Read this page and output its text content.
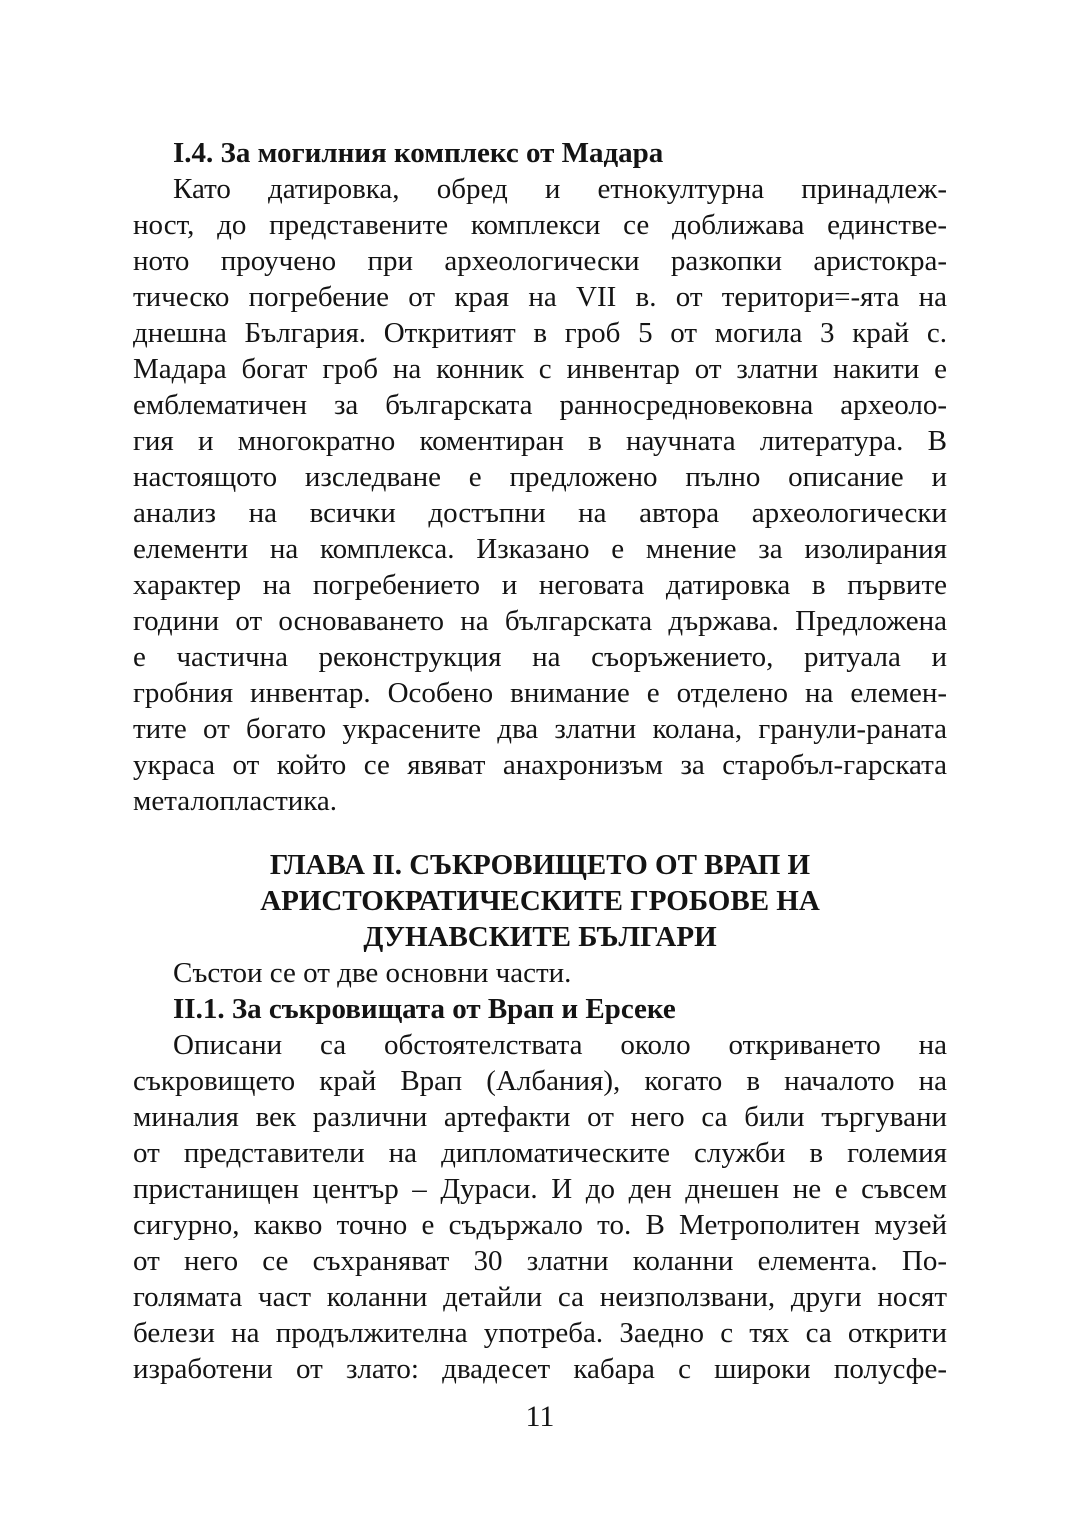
I.4. За могилния комплекс от Мадара
Като датировка, обред и етнокултурна принадлеж-
ност, до представените комплекси се доближава единстве-
ното проучено при археологически разкопки аристокра-
тическо погребение от края на VII в. от територи=-ята на
днешна България. Откритият в гроб 5 от могила 3 край с.
Мадара богат гроб на конник с инвентар от златни накити е
емблематичен за българската ранносредновековна археоло-
гия и многократно коментиран в научната литература. В
настоящото изследване е предложено пълно описание и
анализ на всички достъпни на автора археологически
елементи на комплекса. Изказано е мнение за изолирания
характер на погребението и неговата датировка в първите
години от основаването на българската държава. Предложена
е частична реконструкция на съоръжението, ритуала и
гробния инвентар. Особено внимание е отделено на елемен-
тите от богато украсените два златни колана, гранули-раната
украса от който се явяват анахронизъм за старобъл-гарската
металопластика.
ГЛАВА II. СЪКРОВИЩЕТО ОТ ВРАП И
АРИСТОКРАТИЧЕСКИТЕ ГРОБОВЕ НА
ДУНАВСКИТЕ БЪЛГАРИ
Състои се от две основни части.
II.1. За съкровищата от Врап и Ерсеке
Описани са обстоятелствата около откриването на
съкровището край Врап (Албания), когато в началото на
миналия век различни артефакти от него са били търгувани
от представители на дипломатическите служби в големия
пристанищен център – Дураси. И до ден днешен не е съвсем
сигурно, какво точно е съдържало то. В Метрополитен музей
от него се съхраняват 30 златни коланни елемента. По-
голямата част коланни детайли са неизползвани, други носят
белези на продължителна употреба. Заедно с тях са открити
изработени от злато: двадесет кабара с широки полусфе-
11
